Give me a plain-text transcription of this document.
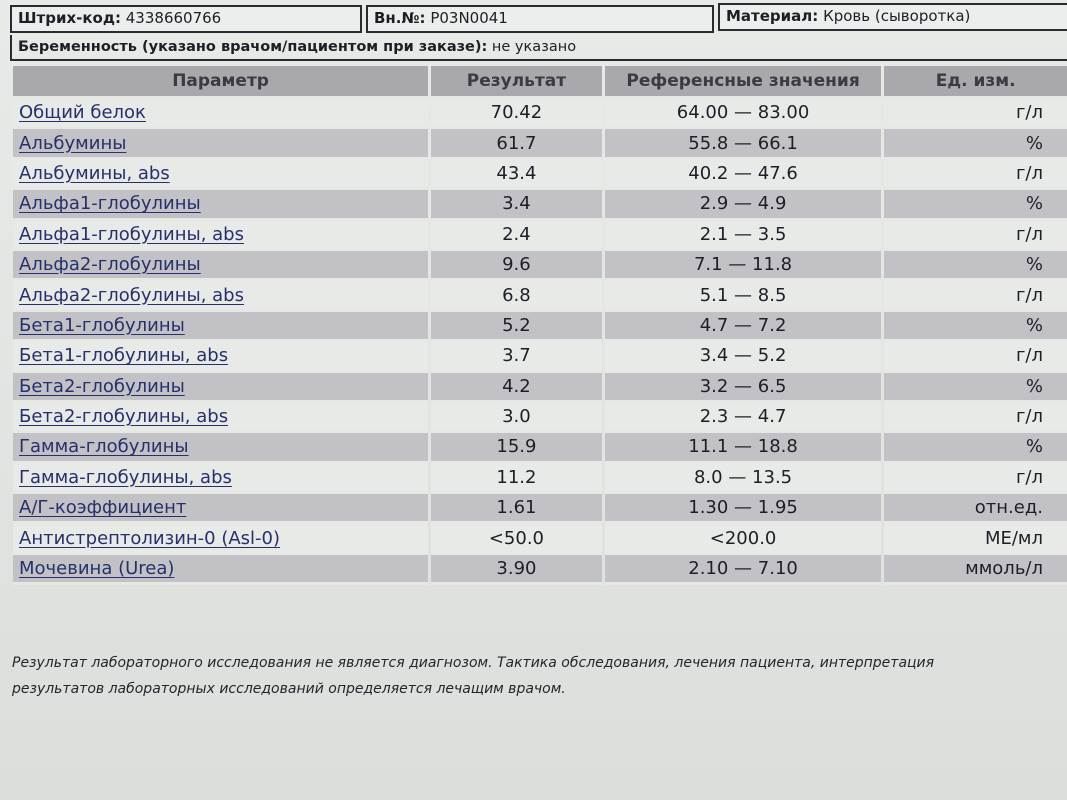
Штрих-код: 4338660766	Вн.№: P03N0041	Материал: Кровь (сыворотка)
Беременность (указано врачом/пациентом при заказе): не указано
Параметр	Результат	Референсные значения	Ед. изм.
Общий белок	70.42	64.00 — 83.00	г/л
Альбумины	61.7	55.8 — 66.1	%
Альбумины, abs	43.4	40.2 — 47.6	г/л
Альфа1-глобулины	3.4	2.9 — 4.9	%
Альфа1-глобулины, abs	2.4	2.1 — 3.5	г/л
Альфа2-глобулины	9.6	7.1 — 11.8	%
Альфа2-глобулины, abs	6.8	5.1 — 8.5	г/л
Бета1-глобулины	5.2	4.7 — 7.2	%
Бета1-глобулины, abs	3.7	3.4 — 5.2	г/л
Бета2-глобулины	4.2	3.2 — 6.5	%
Бета2-глобулины, abs	3.0	2.3 — 4.7	г/л
Гамма-глобулины	15.9	11.1 — 18.8	%
Гамма-глобулины, abs	11.2	8.0 — 13.5	г/л
А/Г-коэффициент	1.61	1.30 — 1.95	отн.ед.
Антистрептолизин-0 (Asl-0)	<50.0	<200.0	МЕ/мл
Мочевина (Urea)	3.90	2.10 — 7.10	ммоль/л
Результат лабораторного исследования не является диагнозом. Тактика обследования, лечения пациента, интерпретация
результатов лабораторных исследований определяется лечащим врачом.
